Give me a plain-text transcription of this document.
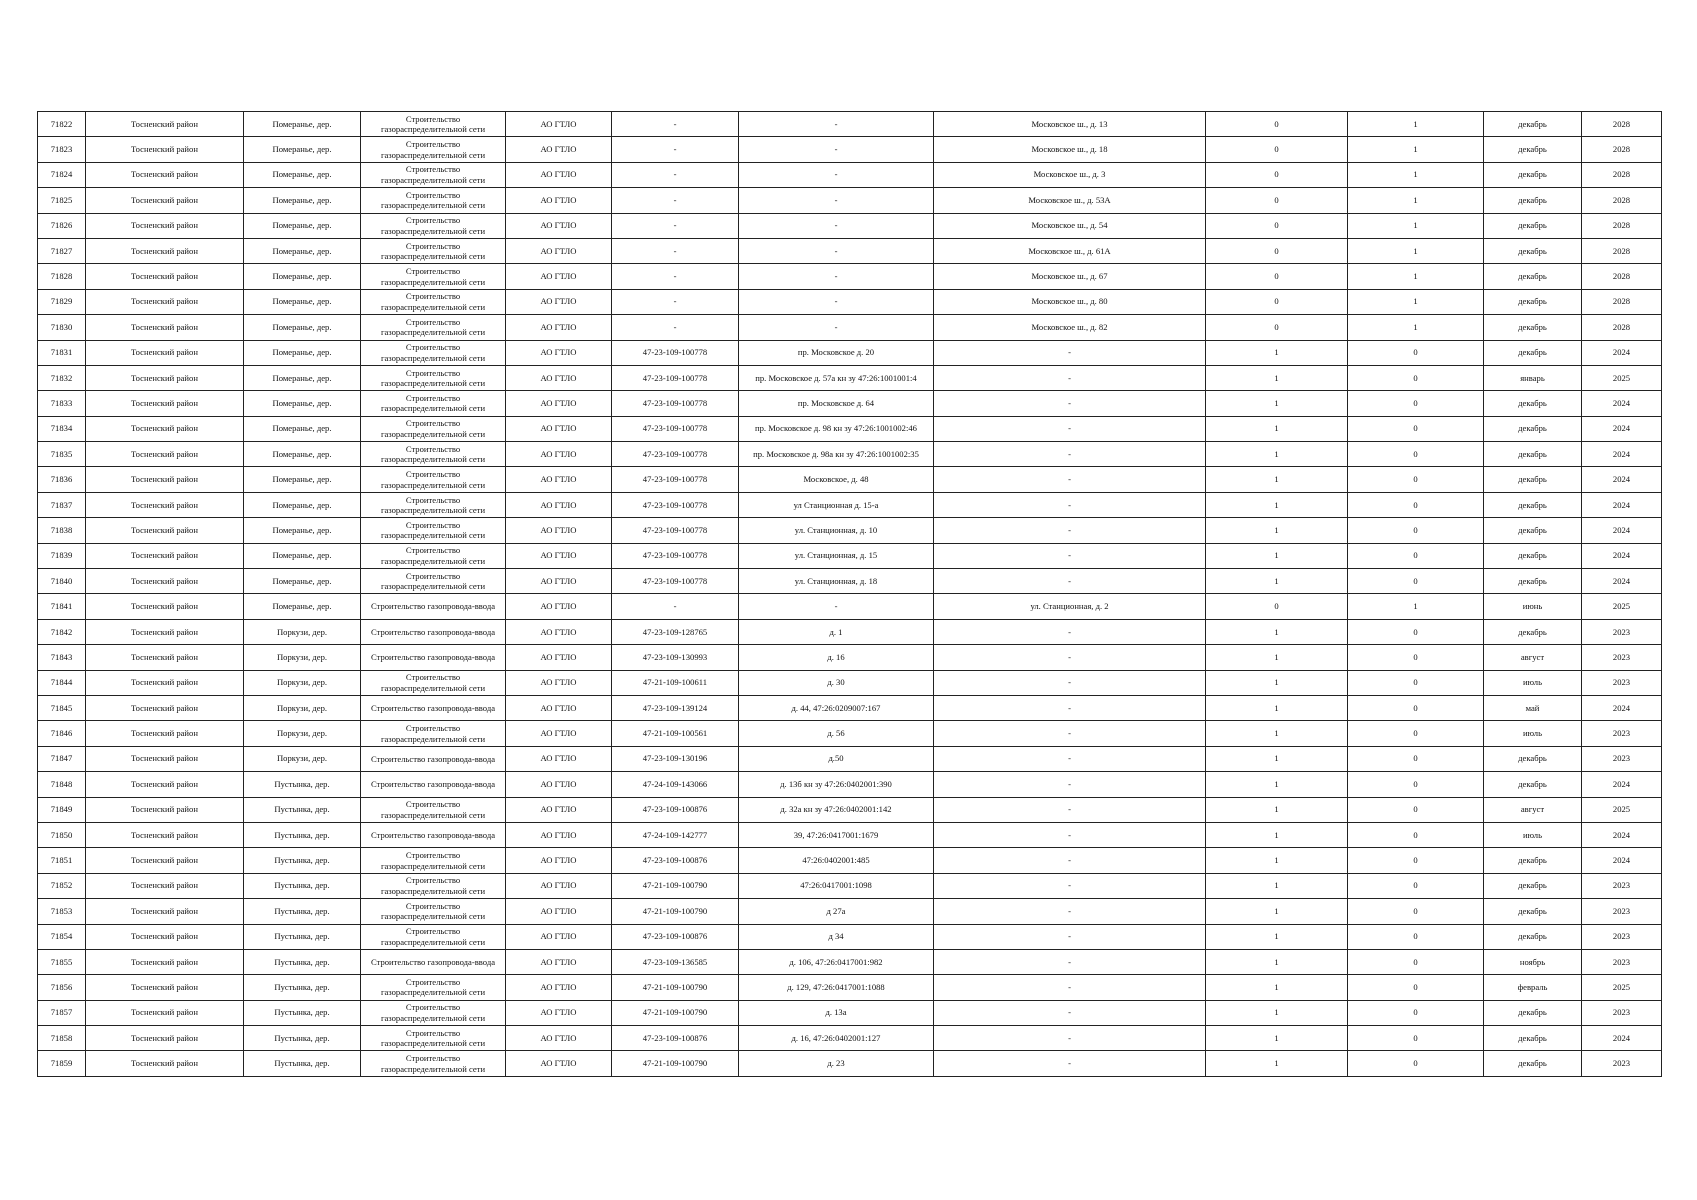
71822	Тосненский район	Померанье, дер.	Строительство газораспределительной сети	АО ГТЛО	-	-	Московское ш., д. 13	0	1	декабрь	2028
71823	Тосненский район	Померанье, дер.	Строительство газораспределительной сети	АО ГТЛО	-	-	Московское ш., д. 18	0	1	декабрь	2028
71824	Тосненский район	Померанье, дер.	Строительство газораспределительной сети	АО ГТЛО	-	-	Московское ш., д. 3	0	1	декабрь	2028
71825	Тосненский район	Померанье, дер.	Строительство газораспределительной сети	АО ГТЛО	-	-	Московское ш., д. 53А	0	1	декабрь	2028
71826	Тосненский район	Померанье, дер.	Строительство газораспределительной сети	АО ГТЛО	-	-	Московское ш., д. 54	0	1	декабрь	2028
71827	Тосненский район	Померанье, дер.	Строительство газораспределительной сети	АО ГТЛО	-	-	Московское ш., д. 61А	0	1	декабрь	2028
71828	Тосненский район	Померанье, дер.	Строительство газораспределительной сети	АО ГТЛО	-	-	Московское ш., д. 67	0	1	декабрь	2028
71829	Тосненский район	Померанье, дер.	Строительство газораспределительной сети	АО ГТЛО	-	-	Московское ш., д. 80	0	1	декабрь	2028
71830	Тосненский район	Померанье, дер.	Строительство газораспределительной сети	АО ГТЛО	-	-	Московское ш., д. 82	0	1	декабрь	2028
71831	Тосненский район	Померанье, дер.	Строительство газораспределительной сети	АО ГТЛО	47-23-109-100778	пр. Московское д. 20	-	1	0	декабрь	2024
71832	Тосненский район	Померанье, дер.	Строительство газораспределительной сети	АО ГТЛО	47-23-109-100778	пр. Московское д. 57а кн зу 47:26:1001001:4	-	1	0	январь	2025
71833	Тосненский район	Померанье, дер.	Строительство газораспределительной сети	АО ГТЛО	47-23-109-100778	пр. Московское д. 64	-	1	0	декабрь	2024
71834	Тосненский район	Померанье, дер.	Строительство газораспределительной сети	АО ГТЛО	47-23-109-100778	пр. Московское д. 98 кн зу 47:26:1001002:46	-	1	0	декабрь	2024
71835	Тосненский район	Померанье, дер.	Строительство газораспределительной сети	АО ГТЛО	47-23-109-100778	пр. Московское д. 98а кн зу 47:26:1001002:35	-	1	0	декабрь	2024
71836	Тосненский район	Померанье, дер.	Строительство газораспределительной сети	АО ГТЛО	47-23-109-100778	Московское, д. 48	-	1	0	декабрь	2024
71837	Тосненский район	Померанье, дер.	Строительство газораспределительной сети	АО ГТЛО	47-23-109-100778	ул Станционная д. 15-а	-	1	0	декабрь	2024
71838	Тосненский район	Померанье, дер.	Строительство газораспределительной сети	АО ГТЛО	47-23-109-100778	ул. Станционная, д. 10	-	1	0	декабрь	2024
71839	Тосненский район	Померанье, дер.	Строительство газораспределительной сети	АО ГТЛО	47-23-109-100778	ул. Станционная, д. 15	-	1	0	декабрь	2024
71840	Тосненский район	Померанье, дер.	Строительство газораспределительной сети	АО ГТЛО	47-23-109-100778	ул. Станционная, д. 18	-	1	0	декабрь	2024
71841	Тосненский район	Померанье, дер.	Строительство газопровода-ввода	АО ГТЛО	-	-	ул. Станционная, д. 2	0	1	июнь	2025
71842	Тосненский район	Поркузи, дер.	Строительство газопровода-ввода	АО ГТЛО	47-23-109-128765	д. 1	-	1	0	декабрь	2023
71843	Тосненский район	Поркузи, дер.	Строительство газопровода-ввода	АО ГТЛО	47-23-109-130993	д. 16	-	1	0	август	2023
71844	Тосненский район	Поркузи, дер.	Строительство газораспределительной сети	АО ГТЛО	47-21-109-100611	д. 30	-	1	0	июль	2023
71845	Тосненский район	Поркузи, дер.	Строительство газопровода-ввода	АО ГТЛО	47-23-109-139124	д. 44, 47:26:0209007:167	-	1	0	май	2024
71846	Тосненский район	Поркузи, дер.	Строительство газораспределительной сети	АО ГТЛО	47-21-109-100561	д. 56	-	1	0	июль	2023
71847	Тосненский район	Поркузи, дер.	Строительство газопровода-ввода	АО ГТЛО	47-23-109-130196	д.50	-	1	0	декабрь	2023
71848	Тосненский район	Пустынка, дер.	Строительство газопровода-ввода	АО ГТЛО	47-24-109-143066	д. 13б кн зу 47:26:0402001:390	-	1	0	декабрь	2024
71849	Тосненский район	Пустынка, дер.	Строительство газораспределительной сети	АО ГТЛО	47-23-109-100876	д. 32а кн зу 47:26:0402001:142	-	1	0	август	2025
71850	Тосненский район	Пустынка, дер.	Строительство газопровода-ввода	АО ГТЛО	47-24-109-142777	39, 47:26:0417001:1679	-	1	0	июль	2024
71851	Тосненский район	Пустынка, дер.	Строительство газораспределительной сети	АО ГТЛО	47-23-109-100876	47:26:0402001:485	-	1	0	декабрь	2024
71852	Тосненский район	Пустынка, дер.	Строительство газораспределительной сети	АО ГТЛО	47-21-109-100790	47:26:0417001:1098	-	1	0	декабрь	2023
71853	Тосненский район	Пустынка, дер.	Строительство газораспределительной сети	АО ГТЛО	47-21-109-100790	д 27а	-	1	0	декабрь	2023
71854	Тосненский район	Пустынка, дер.	Строительство газораспределительной сети	АО ГТЛО	47-23-109-100876	д 34	-	1	0	декабрь	2023
71855	Тосненский район	Пустынка, дер.	Строительство газопровода-ввода	АО ГТЛО	47-23-109-136585	д. 106, 47:26:0417001:982	-	1	0	ноябрь	2023
71856	Тосненский район	Пустынка, дер.	Строительство газораспределительной сети	АО ГТЛО	47-21-109-100790	д. 129, 47:26:0417001:1088	-	1	0	февраль	2025
71857	Тосненский район	Пустынка, дер.	Строительство газораспределительной сети	АО ГТЛО	47-21-109-100790	д. 13а	-	1	0	декабрь	2023
71858	Тосненский район	Пустынка, дер.	Строительство газораспределительной сети	АО ГТЛО	47-23-109-100876	д. 16, 47:26:0402001:127	-	1	0	декабрь	2024
71859	Тосненский район	Пустынка, дер.	Строительство газораспределительной сети	АО ГТЛО	47-21-109-100790	д. 23	-	1	0	декабрь	2023
